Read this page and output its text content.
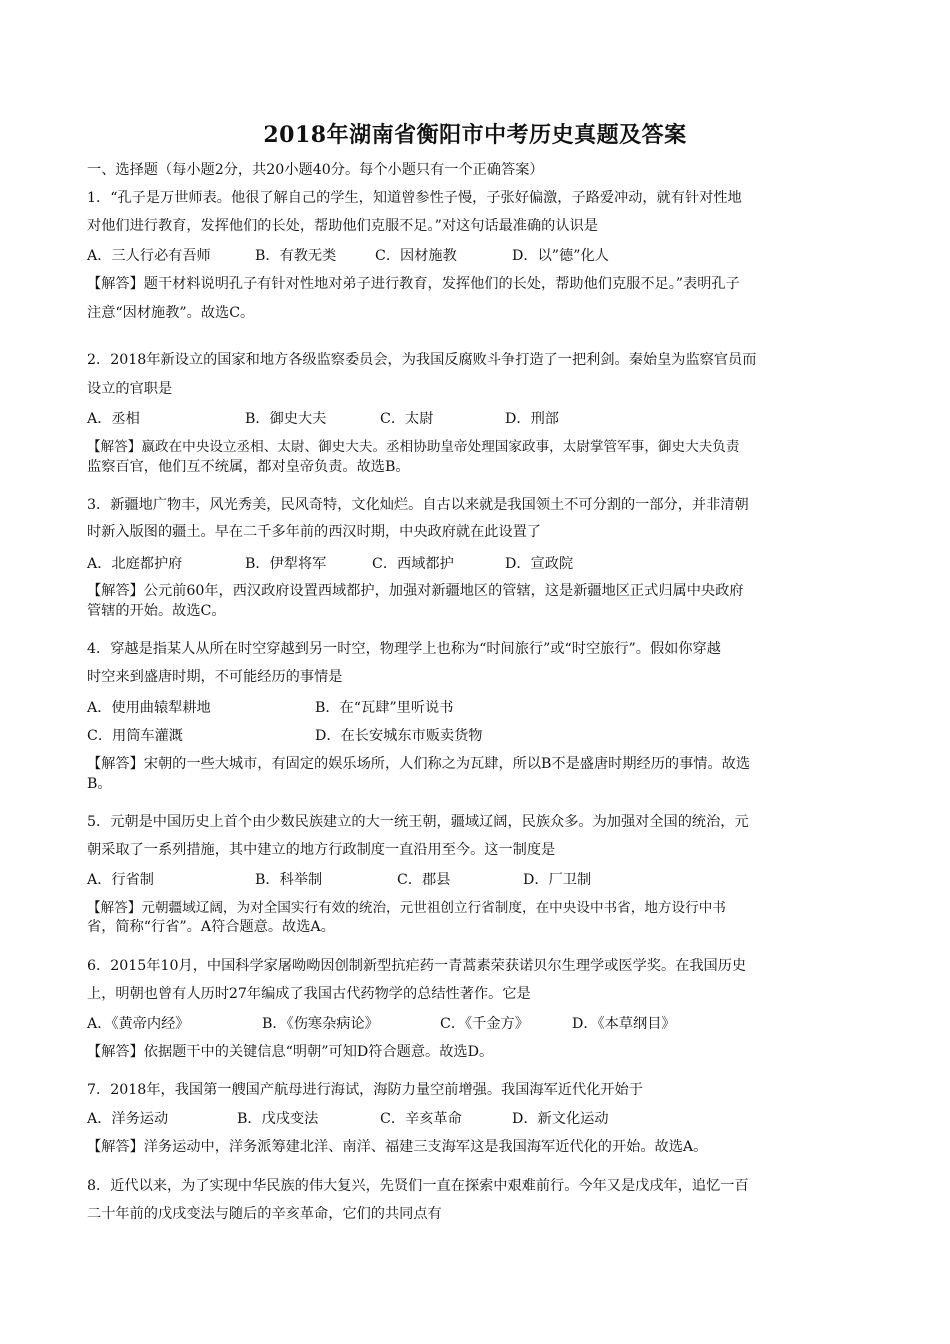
2018年湖南省衡阳市中考历史真题及答案
一、选择题（每小题2分，共20小题40分。每个小题只有一个正确答案）
1．“孔子是万世师表。他很了解自己的学生，知道曾参性子慢，子张好偏激，子路爱冲动，就有针对性地
对他们进行教育，发挥他们的长处，帮助他们克服不足。”对这句话最准确的认识是
A．三人行必有吾师	B．有教无类	C．因材施教	D．以”德”化人
【解答】题干材料说明孔子有针对性地对弟子进行教育，发挥他们的长处，帮助他们克服不足。”表明孔子
注意“因材施教”。故选C。
2．2018年新设立的国家和地方各级监察委员会，为我国反腐败斗争打造了一把利剑。秦始皇为监察官员而
设立的官职是
A．丞相	B．御史大夫	C．太尉	D．刑部
【解答】嬴政在中央设立丞相、太尉、御史大夫。丞相协助皇帝处理国家政事，太尉掌管军事，御史大夫负责
监察百官，他们互不统属，都对皇帝负责。故选B。
3．新疆地广物丰，风光秀美，民风奇特，文化灿烂。自古以来就是我国领土不可分割的一部分，并非清朝
时新入版图的疆土。早在二千多年前的西汉时期，中央政府就在此设置了
A．北庭都护府	B．伊犁将军	C．西域都护	D．宣政院
【解答】公元前60年，西汉政府设置西域都护，加强对新疆地区的管辖，这是新疆地区正式归属中央政府
管辖的开始。故选C。
4．穿越是指某人从所在时空穿越到另一时空，物理学上也称为“时间旅行”或“时空旅行”。假如你穿越
时空来到盛唐时期，不可能经历的事情是
A．使用曲辕犁耕地	B．在“瓦肆”里听说书
C．用筒车灌溉	D．在长安城东市贩卖货物
【解答】宋朝的一些大城市，有固定的娱乐场所，人们称之为瓦肆，所以B不是盛唐时期经历的事情。故选
B。
5．元朝是中国历史上首个由少数民族建立的大一统王朝，疆域辽阔，民族众多。为加强对全国的统治，元
朝采取了一系列措施，其中建立的地方行政制度一直沿用至今。这一制度是
A．行省制	B．科举制	C．郡县	D．厂卫制
【解答】元朝疆域辽阔，为对全国实行有效的统治，元世祖创立行省制度，在中央设中书省，地方设行中书
省，简称“行省”。A符合题意。故选A。
6．2015年10月，中国科学家屠呦呦因创制新型抗疟药一青蒿素荣获诺贝尔生理学或医学奖。在我国历史
上，明朝也曾有人历时27年编成了我国古代药物学的总结性著作。它是
A．《黄帝内经》	B．《伤寒杂病论》	C．《千金方》	D．《本草纲目》
【解答】依据题干中的关键信息“明朝”可知D符合题意。故选D。
7．2018年，我国第一艘国产航母进行海试，海防力量空前增强。我国海军近代化开始于
A．洋务运动	B．戊戌变法	C．辛亥革命	D．新文化运动
【解答】洋务运动中，洋务派筹建北洋、南洋、福建三支海军这是我国海军近代化的开始。故选A。
8．近代以来，为了实现中华民族的伟大复兴，先贤们一直在探索中艰难前行。今年又是戊戌年，追忆一百
二十年前的戊戌变法与随后的辛亥革命，它们的共同点有
